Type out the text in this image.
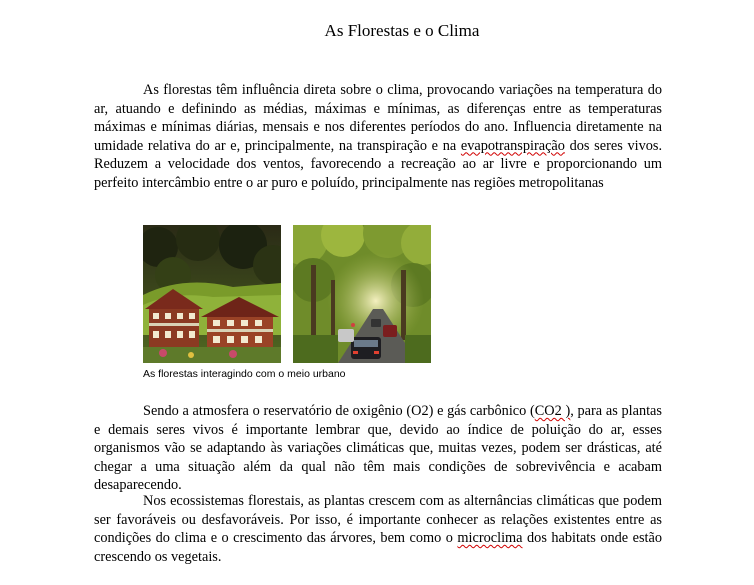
As Florestas e o Clima

As florestas têm influência direta sobre o clima, provocando variações na temperatura do ar, atuando e definindo as médias, máximas e mínimas, as diferenças entre as temperaturas máximas e mínimas diárias, mensais e nos diferentes períodos do ano. Influencia diretamente na umidade relativa do ar e, principalmente, na transpiração e na evapotranspiração dos seres vivos. Reduzem a velocidade dos ventos, favorecendo a recreação ao ar livre e proporcionando um perfeito intercâmbio entre o ar puro e poluído, principalmente nas regiões metropolitanas

As florestas interagindo com o meio urbano

Sendo a atmosfera o reservatório de oxigênio (O2) e gás carbônico (CO2 ), para as plantas e demais seres vivos é importante lembrar que, devido ao índice de poluição do ar, esses organismos vão se adaptando às variações climáticas que, muitas vezes, podem ser drásticas, até chegar a uma situação além da qual não têm mais condições de sobrevivência e acabam desaparecendo.

Nos ecossistemas florestais, as plantas crescem com as alternâncias climáticas que podem ser favoráveis ou desfavoráveis. Por isso, é importante conhecer as relações existentes entre as condições do clima e o crescimento das árvores, bem como o microclima dos habitats onde estão crescendo os vegetais.
